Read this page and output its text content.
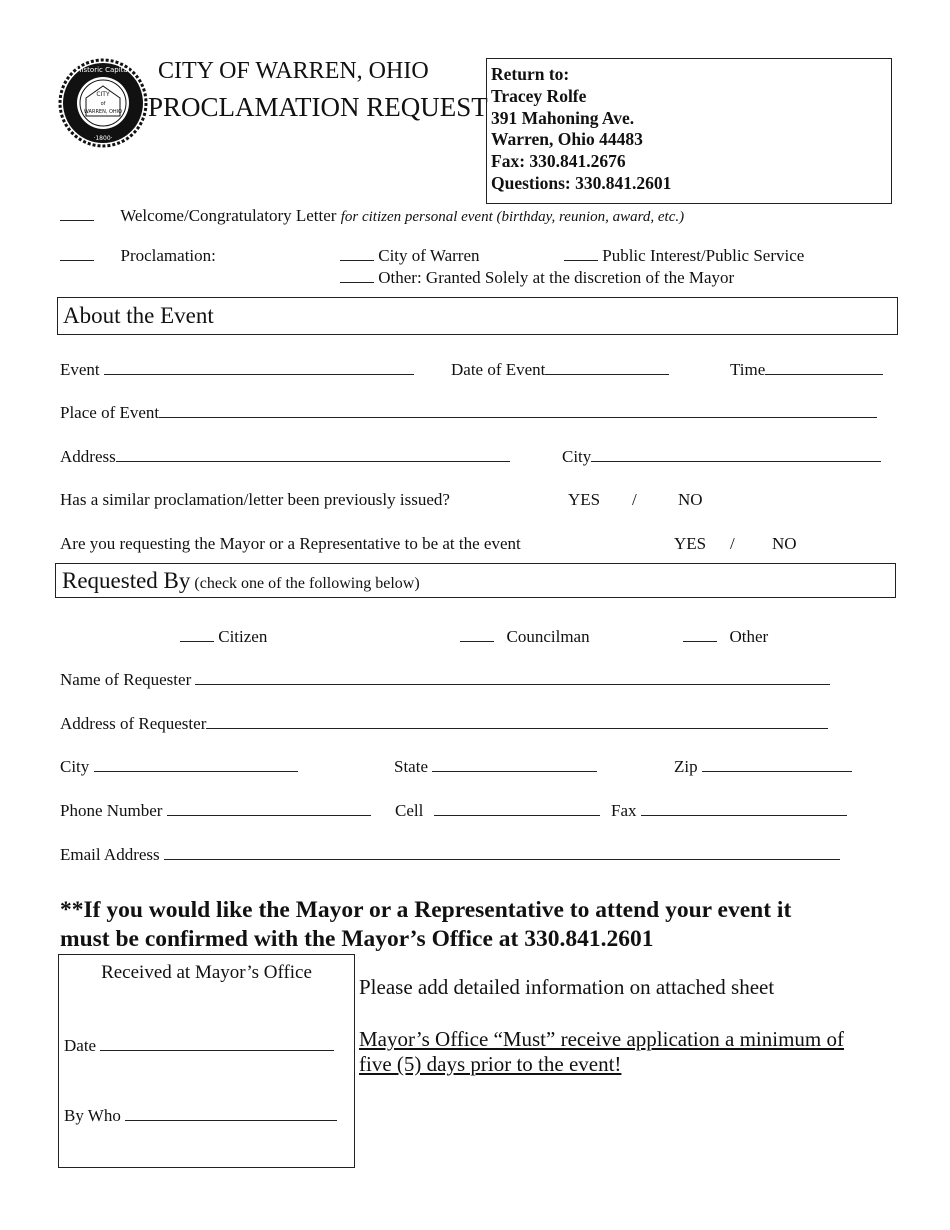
CITY
of
WARREN, OHIO
Historic Capital
·1800·
CITY OF WARREN, OHIO
PROCLAMATION REQUEST
Return to:
Tracey Rolfe
391 Mahoning Ave.
Warren, Ohio 44483
Fax: 330.841.2676
Questions: 330.841.2601
Welcome/Congratulatory Letter for citizen personal event (birthday, reunion, award, etc.)
Proclamation:	City of Warren	Public Interest/Public Service
Other: Granted Solely at the discretion of the Mayor
About the Event
Event	Date of Event	Time
Place of Event
Address	City
Has a similar proclamation/letter been previously issued?	YES / NO
Are you requesting the Mayor or a Representative to be at the event	YES / NO
Requested By (check one of the following below)
Citizen	Councilman	Other
Name of Requester
Address of Requester
City	State	Zip
Phone Number	Cell	Fax
Email Address
**If you would like the Mayor or a Representative to attend your event it
must be confirmed with the Mayor’s Office at 330.841.2601
Received at Mayor’s Office
Date
By Who
Please add detailed information on attached sheet
Mayor’s Office “Must” receive application a minimum of
five (5) days prior to the event!
